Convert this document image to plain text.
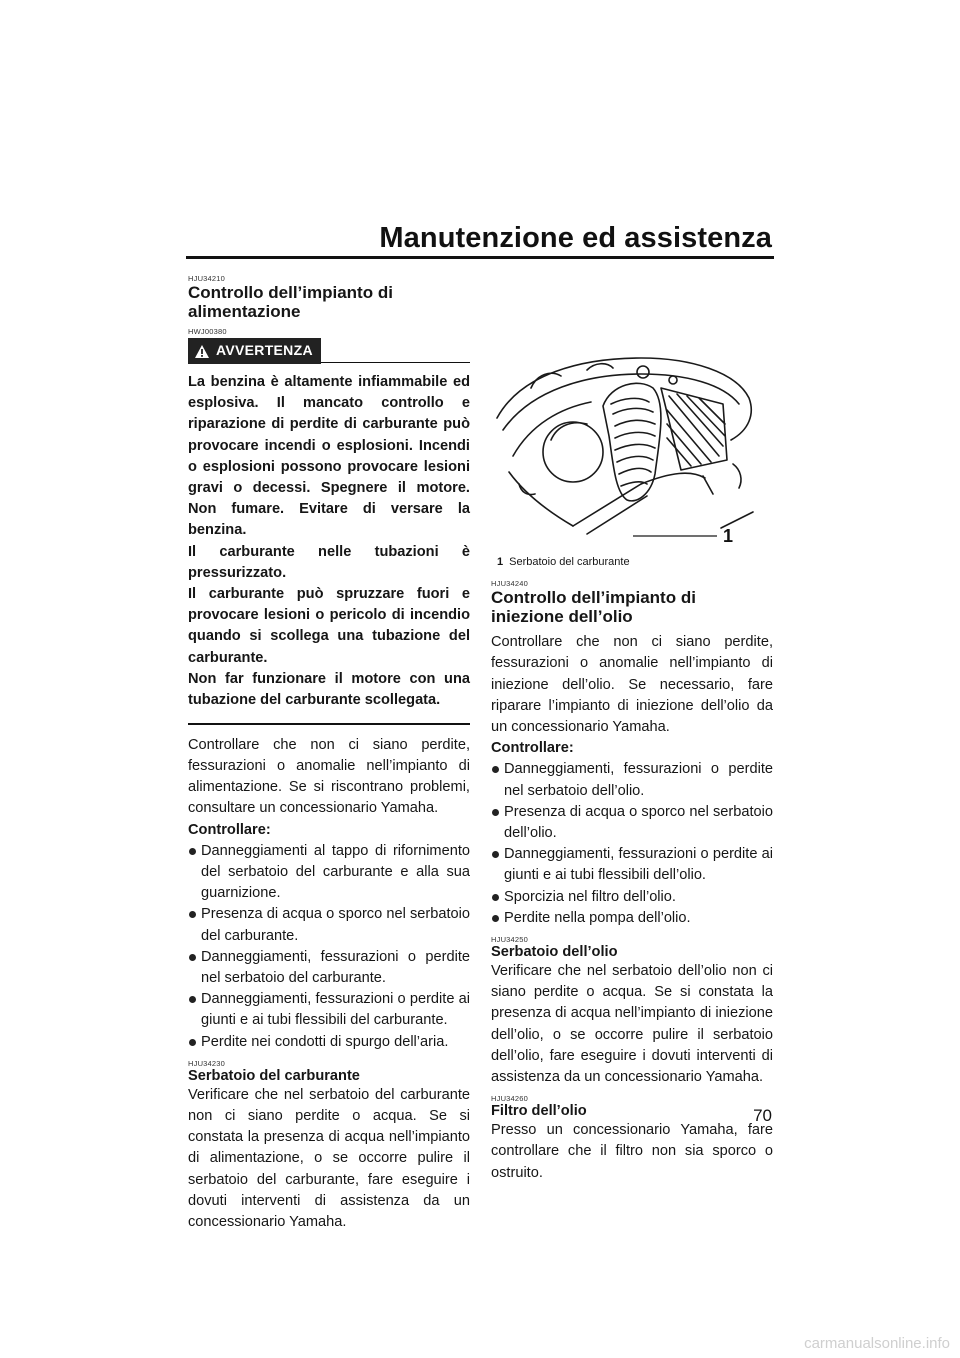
Manutenzione ed assistenza
HJU34210
Controllo dell’impianto di alimentazione
HWJ00380
AVVERTENZA
La benzina è altamente infiammabile ed esplosiva. Il mancato controllo e riparazione di perdite di carburante può provocare incendi o esplosioni. Incendi o esplosioni possono provocare lesioni gravi o decessi. Spegnere il motore. Non fumare. Evitare di versare la benzina.
Il carburante nelle tubazioni è pressurizzato.
Il carburante può spruzzare fuori e provocare lesioni o pericolo di incendio quando si scollega una tubazione del carburante.
Non far funzionare il motore con una tubazione del carburante scollegata.

Controllare che non ci siano perdite, fessurazioni o anomalie nell’impianto di alimentazione. Se si riscontrano problemi, consultare un concessionario Yamaha.

Controllare:
Danneggiamenti al tappo di rifornimento del serbatoio del carburante e alla sua guarnizione.
Presenza di acqua o sporco nel serbatoio del carburante.
Danneggiamenti, fessurazioni o perdite nel serbatoio del carburante.
Danneggiamenti, fessurazioni o perdite ai giunti e ai tubi flessibili del carburante.
Perdite nei condotti di spurgo dell’aria.
HJU34230
Serbatoio del carburante

Verificare che nel serbatoio del carburante non ci siano perdite o acqua. Se si constata la presenza di acqua nell’impianto di alimentazione, o se occorre pulire il serbatoio del carburante, fare eseguire i dovuti interventi di assistenza da un concessionario Yamaha.

1
1 Serbatoio del carburante
HJU34240
Controllo dell’impianto di iniezione dell’olio

Controllare che non ci siano perdite, fessurazioni o anomalie nell’impianto di iniezione dell’olio. Se necessario, fare riparare l’impianto di iniezione dell’olio da un concessionario Yamaha.

Controllare:
Danneggiamenti, fessurazioni o perdite nel serbatoio dell’olio.
Presenza di acqua o sporco nel serbatoio dell’olio.
Danneggiamenti, fessurazioni o perdite ai giunti e ai tubi flessibili dell’olio.
Sporcizia nel filtro dell’olio.
Perdite nella pompa dell’olio.
HJU34250
Serbatoio dell’olio

Verificare che nel serbatoio dell’olio non ci siano perdite o acqua. Se si constata la presenza di acqua nell’impianto di iniezione dell’olio, o se occorre pulire il serbatoio dell’olio, fare eseguire i dovuti interventi di assistenza da un concessionario Yamaha.

HJU34260
Filtro dell’olio

Presso un concessionario Yamaha, fare controllare che il filtro non sia sporco o ostruito.

70
carmanualsonline.info
